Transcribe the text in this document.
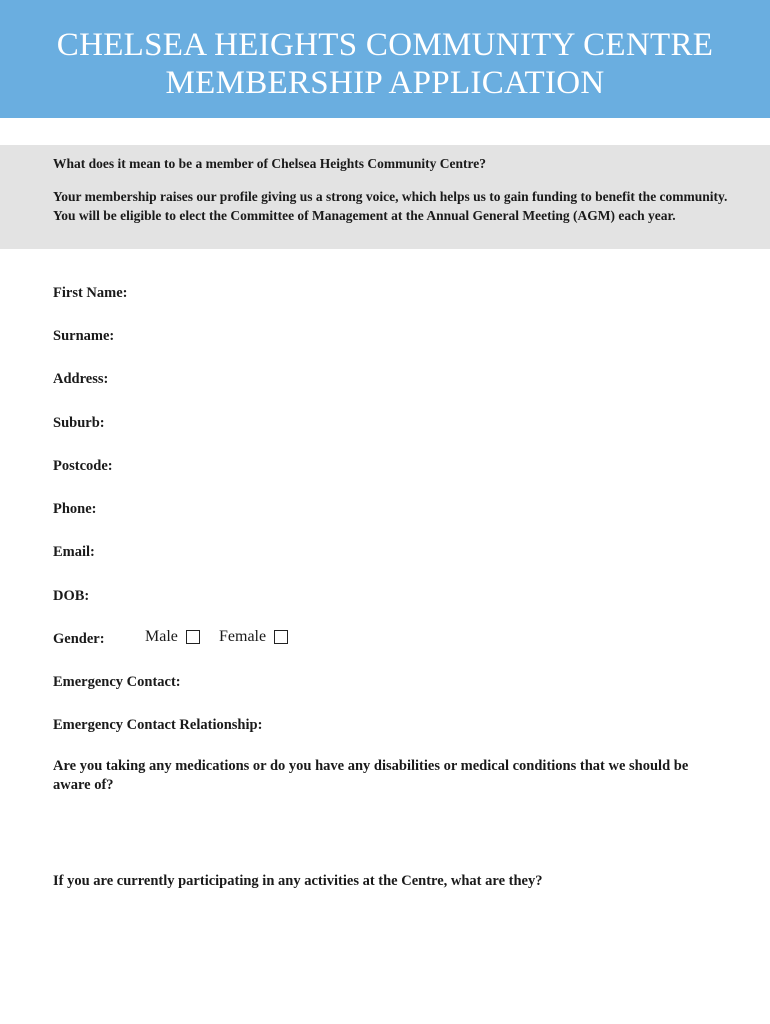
CHELSEA HEIGHTS COMMUNITY CENTRE
MEMBERSHIP APPLICATION
What does it mean to be a member of Chelsea Heights Community Centre?
Your membership raises our profile giving us a strong voice, which helps us to gain funding to benefit the community. You will be eligible to elect the Committee of Management at the Annual General Meeting (AGM) each year.
First Name:
Surname:
Address:
Suburb:
Postcode:
Phone:
Email:
DOB:
Gender:	Male	Female
Emergency Contact:
Emergency Contact Relationship:
Are you taking any medications or do you have any disabilities or medical conditions that we should be aware of?
If you are currently participating in any activities at the Centre, what are they?
